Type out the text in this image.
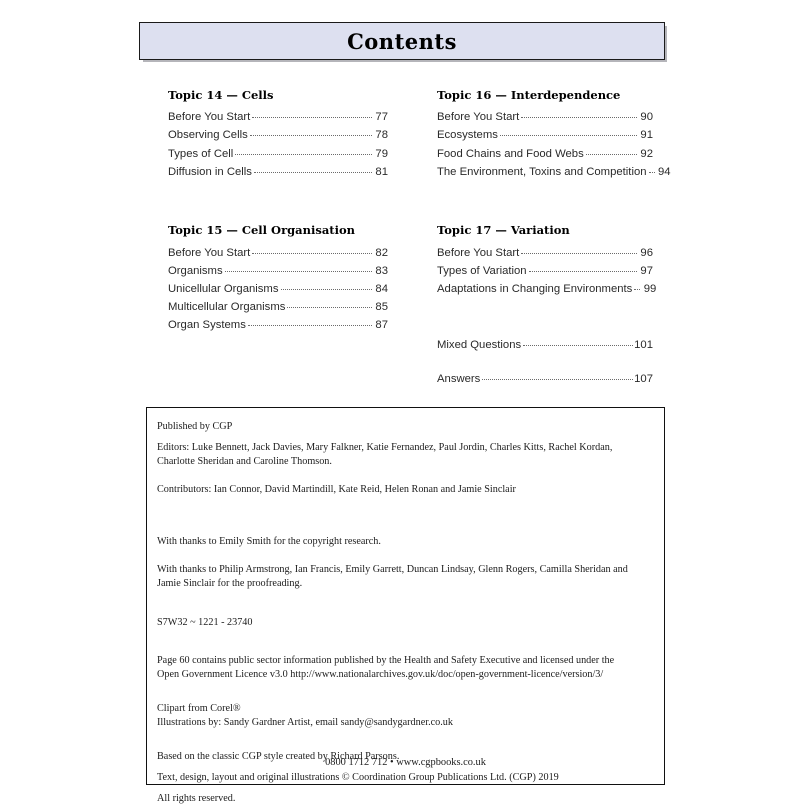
Contents
Topic 14 — Cells
Before You Start	77
Observing Cells	78
Types of Cell	79
Diffusion in Cells	81
Topic 15 — Cell Organisation
Before You Start	82
Organisms	83
Unicellular Organisms	84
Multicellular Organisms	85
Organ Systems	87
Topic 16 — Interdependence
Before You Start	90
Ecosystems	91
Food Chains and Food Webs	92
The Environment, Toxins and Competition 94
Topic 17 — Variation
Before You Start	96
Types of Variation	97
Adaptations in Changing Environments 99
Mixed Questions	101
Answers	107
Published by CGP
Editors: Luke Bennett, Jack Davies, Mary Falkner, Katie Fernandez, Paul Jordin, Charles Kitts, Rachel Kordan,
Charlotte Sheridan and Caroline Thomson.
Contributors: Ian Connor, David Martindill, Kate Reid, Helen Ronan and Jamie Sinclair
With thanks to Emily Smith for the copyright research.
With thanks to Philip Armstrong, Ian Francis, Emily Garrett, Duncan Lindsay, Glenn Rogers, Camilla Sheridan and
Jamie Sinclair for the proofreading.
S7W32 ~ 1221 - 23740
Page 60 contains public sector information published by the Health and Safety Executive and licensed under the
Open Government Licence v3.0 http://www.nationalarchives.gov.uk/doc/open-government-licence/version/3/
Clipart from Corel®
Illustrations by: Sandy Gardner Artist, email sandy@sandygardner.co.uk
Based on the classic CGP style created by Richard Parsons.
Text, design, layout and original illustrations © Coordination Group Publications Ltd. (CGP) 2019
All rights reserved.
0800 1712 712 • www.cgpbooks.co.uk
